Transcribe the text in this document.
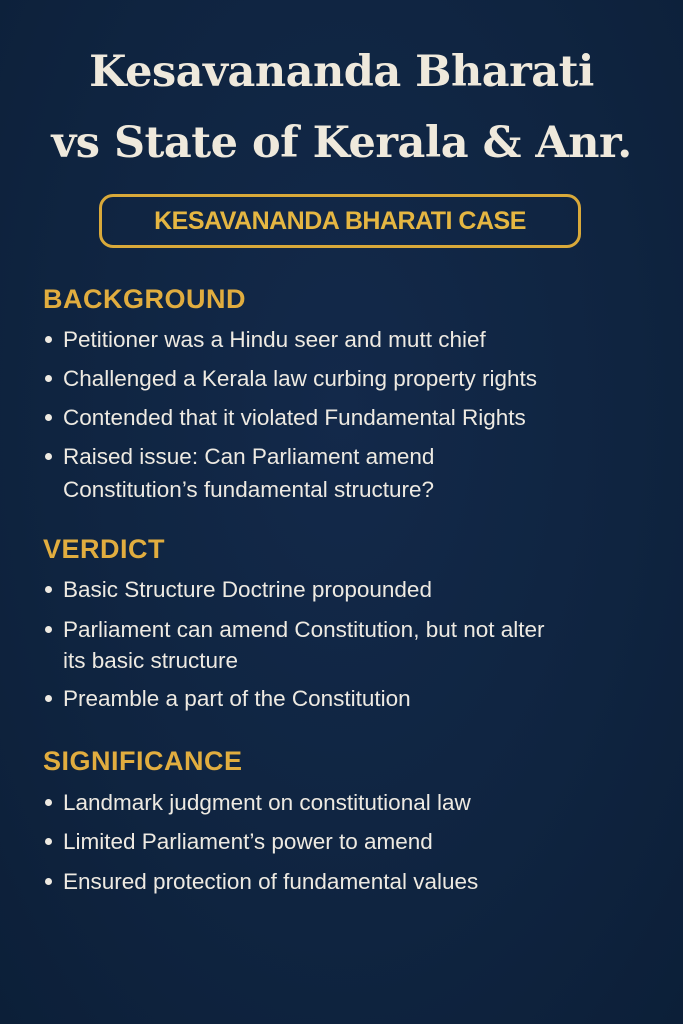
Kesavananda Bharati
vs State of Kerala & Anr.
KESAVANANDA BHARATI CASE
BACKGROUND
Petitioner was a Hindu seer and mutt chief
Challenged a Kerala law curbing property rights
Contended that it violated Fundamental Rights
Raised issue: Can Parliament amend
Constitution’s fundamental structure?
VERDICT
Basic Structure Doctrine propounded
Parliament can amend Constitution, but not alter
its basic structure
Preamble a part of the Constitution
SIGNIFICANCE
Landmark judgment on constitutional law
Limited Parliament’s power to amend
Ensured protection of fundamental values
